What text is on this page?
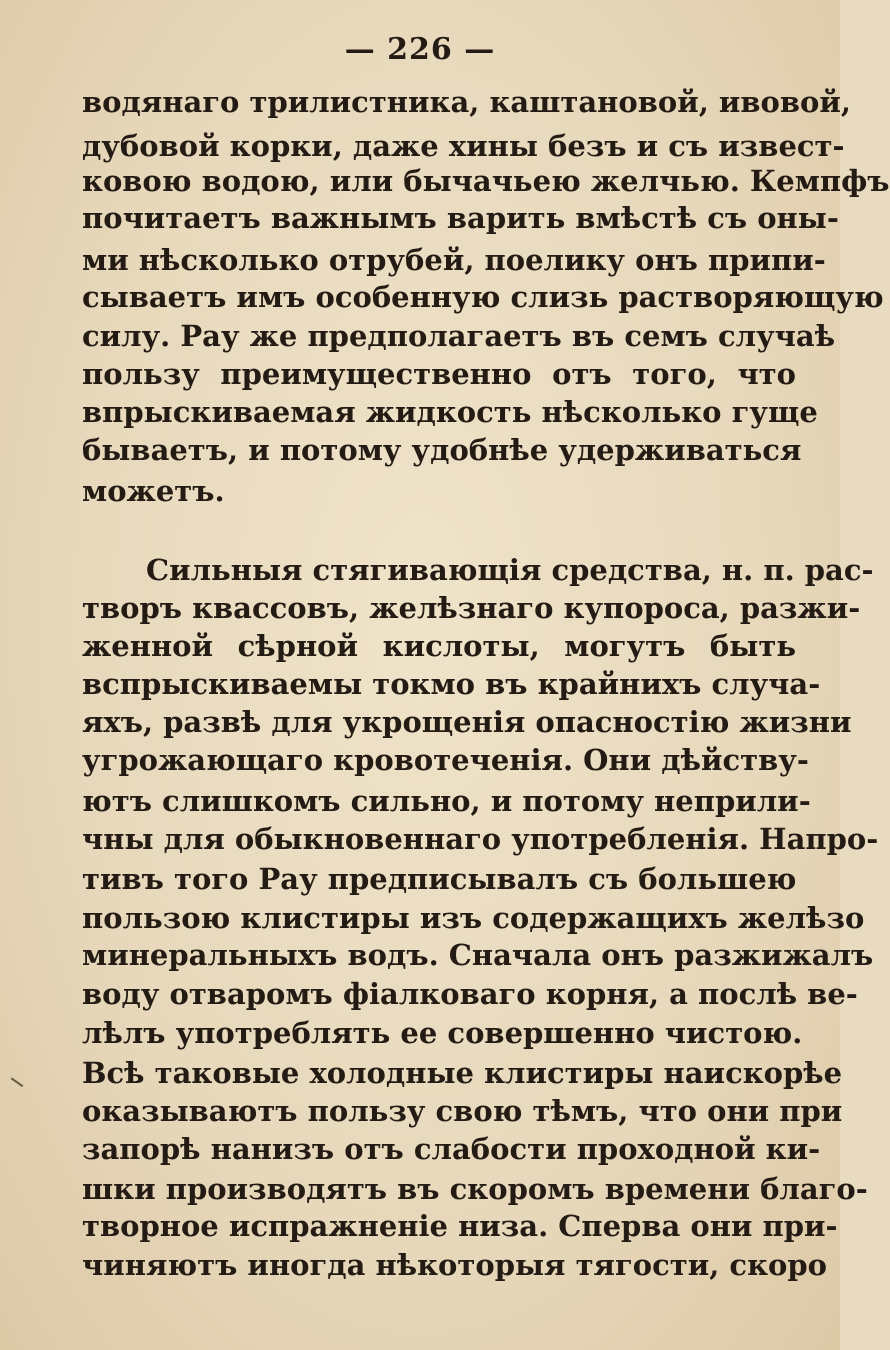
— 226 —
водянаго трилистника, каштановой, ивовой,
дубовой корки, даже хины безъ и съ извест-
ковою водою, или бычачьею желчью. Кемпфъ
почитаетъ важнымъ варить вмѣстѣ съ оны-
ми нѣсколько отрубей, поелику онъ припи-
сываетъ имъ особенную слизь растворяющую
силу. Рау же предполагаетъ въ семъ случаѣ
пользу преимущественно отъ того, что
впрыскиваемая жидкость нѣсколько гуще
бываетъ, и потому удобнѣе удерживаться
можетъ.
Сильныя стягивающія средства, н. п. рас-
творъ квассовъ, желѣзнаго купороса, разжи-
женной сѣрной кислоты, могутъ быть
вспрыскиваемы токмо въ крайнихъ случа-
яхъ, развѣ для укрощенія опасностію жизни
угрожающаго кровотеченія. Они дѣйству-
ютъ слишкомъ сильно, и потому неприли-
чны для обыкновеннаго употребленія. Напро-
тивъ того Рау предписывалъ съ большею
пользою клистиры изъ содержащихъ желѣзо
минеральныхъ водъ. Сначала онъ разжижалъ
воду отваромъ фіалковаго корня, а послѣ ве-
лѣлъ употреблять ее совершенно чистою.
Всѣ таковые холодные клистиры наискорѣе
оказываютъ пользу свою тѣмъ, что они при
запорѣ нанизъ отъ слабости проходной ки-
шки производятъ въ скоромъ времени благо-
творное испражненіе низа. Сперва они при-
чиняютъ иногда нѣкоторыя тягости, скоро
